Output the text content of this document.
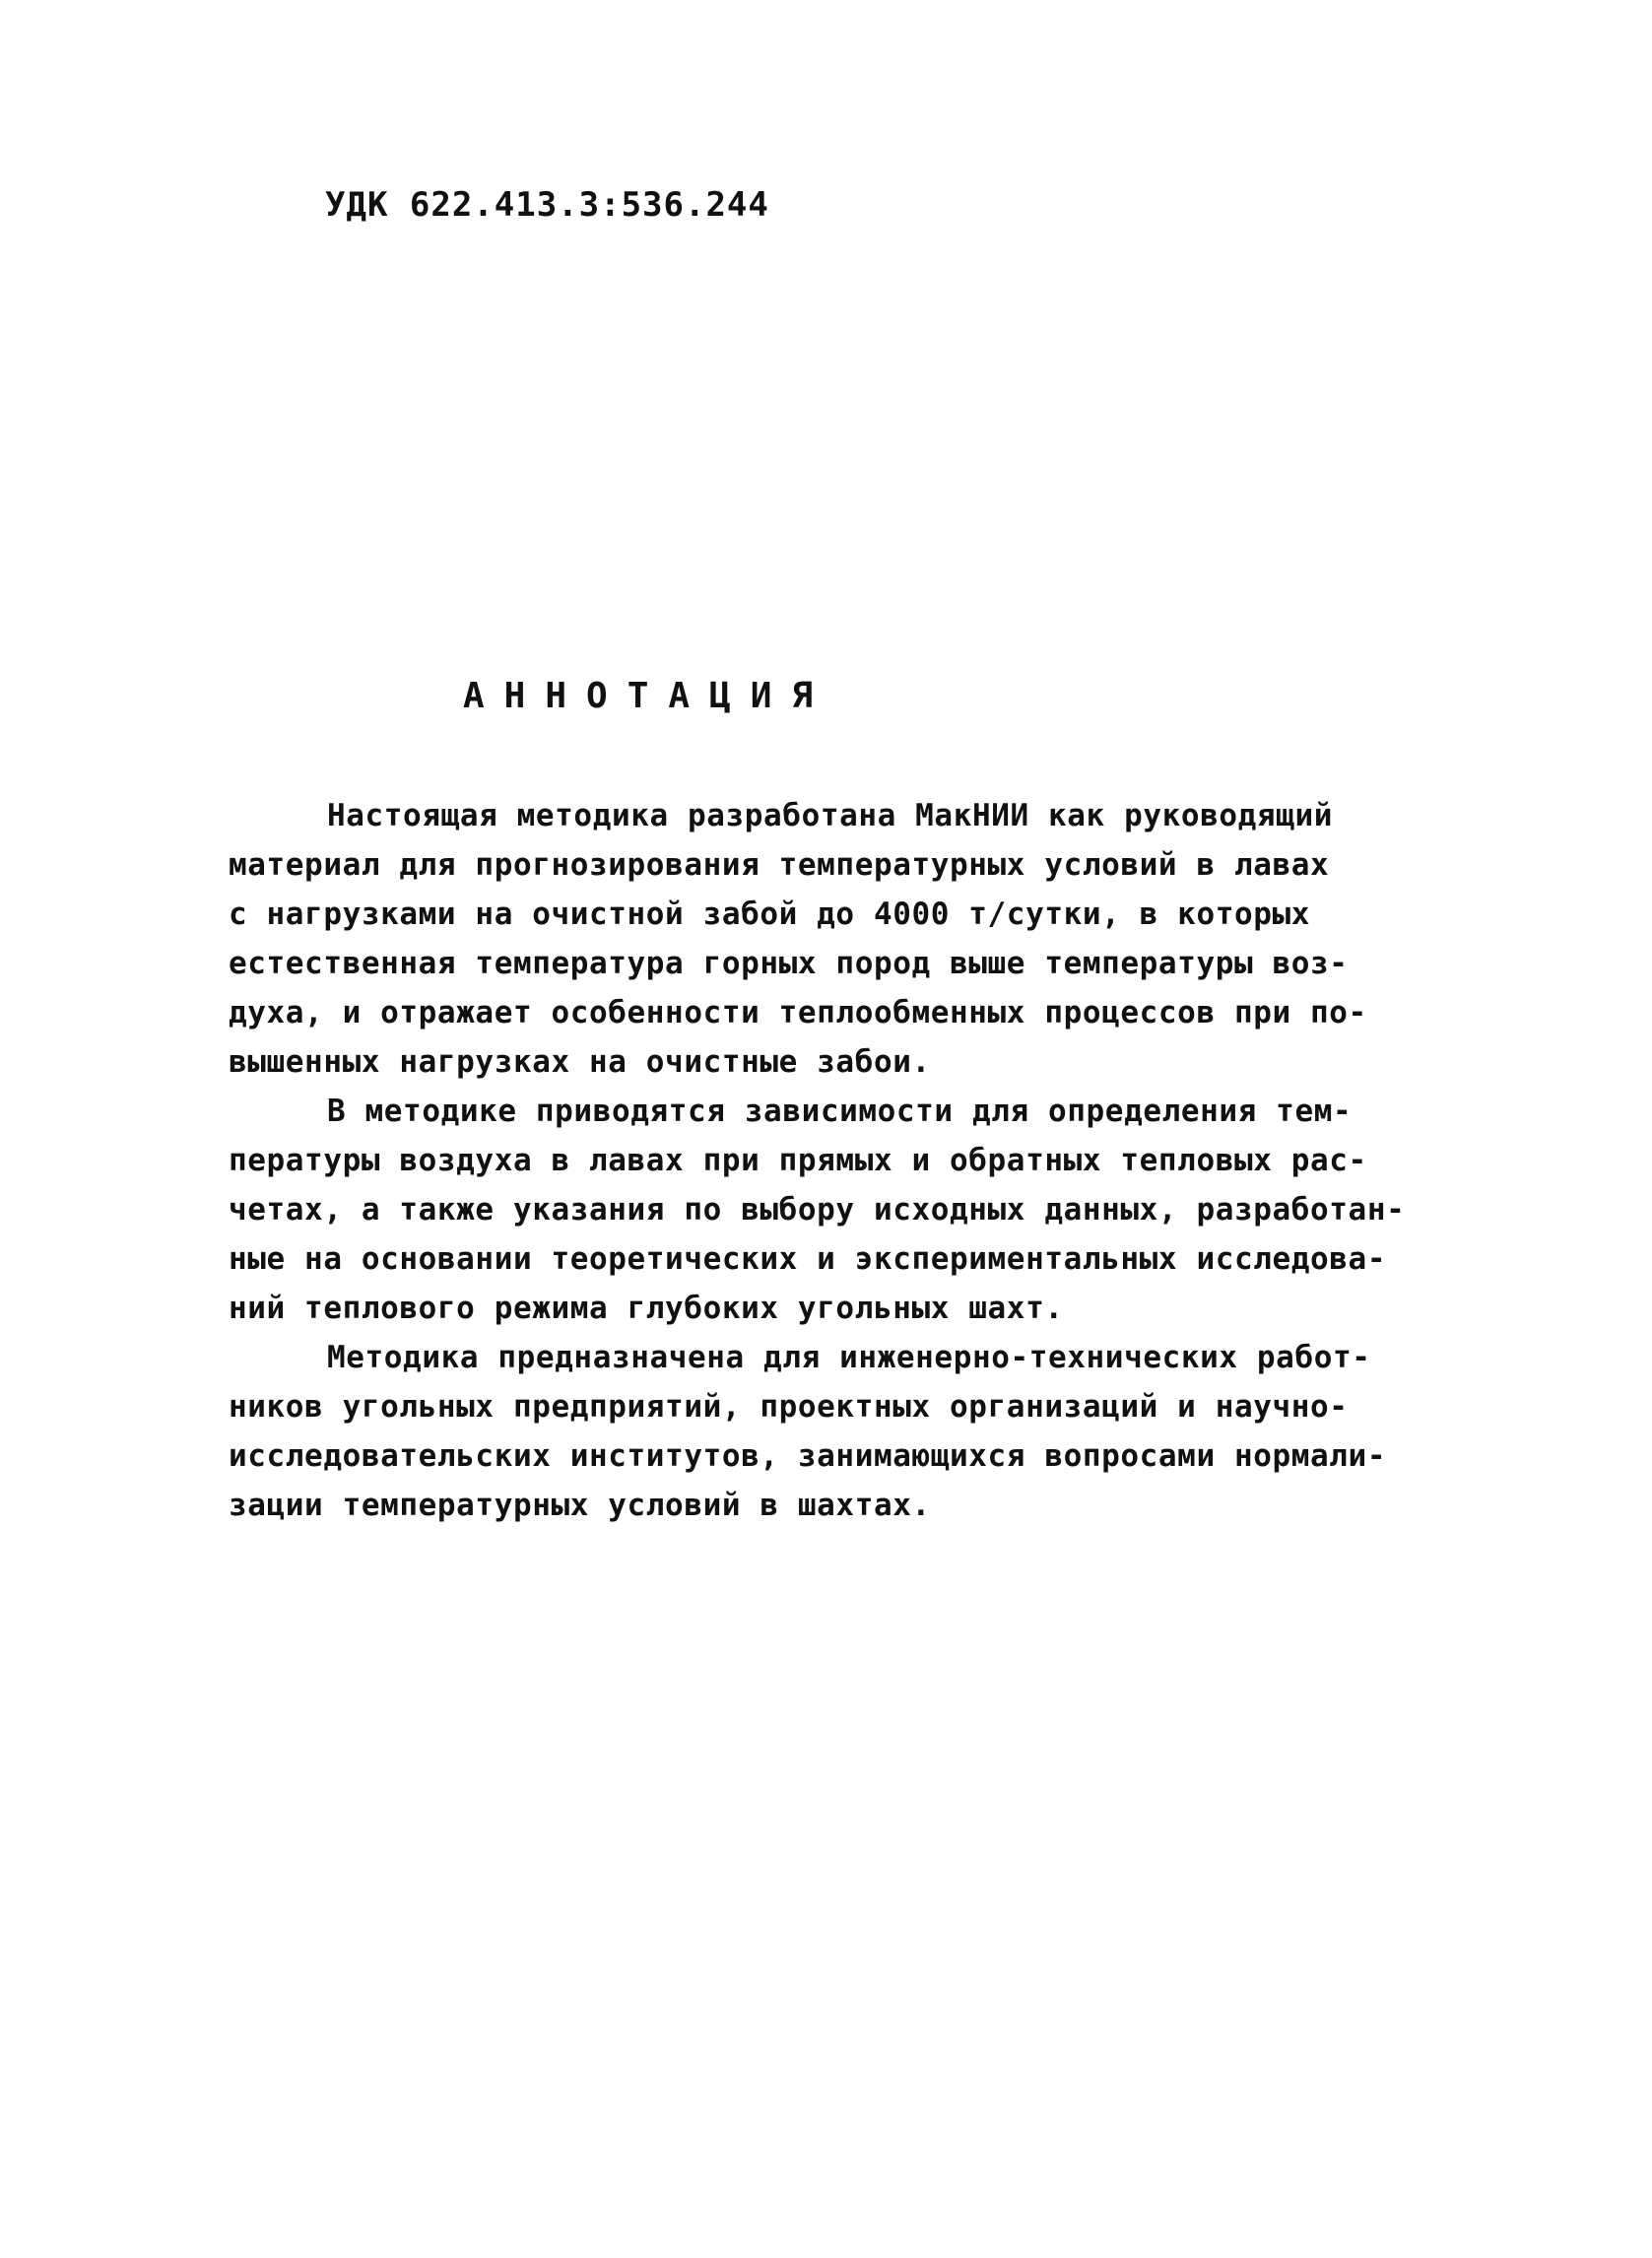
УДК 622.413.3:536.244
АННОТАЦИЯ
Настоящая методика разработана МакНИИ как руководящий
материал для прогнозирования температурных условий в лавах
с нагрузками на очистной забой до 4000 т/сутки, в которых
естественная температура горных пород выше температуры воз-
духа, и отражает особенности теплообменных процессов при по-
вышенных нагрузках на очистные забои.
В методике приводятся зависимости для определения тем-
пературы воздуха в лавах при прямых и обратных тепловых рас-
четах, а также указания по выбору исходных данных, разработан-
ные на основании теоретических и экспериментальных исследова-
ний теплового режима глубоких угольных шахт.
Методика предназначена для инженерно-технических работ-
ников угольных предприятий, проектных организаций и научно-
исследовательских институтов, занимающихся вопросами нормали-
зации температурных условий в шахтах.
